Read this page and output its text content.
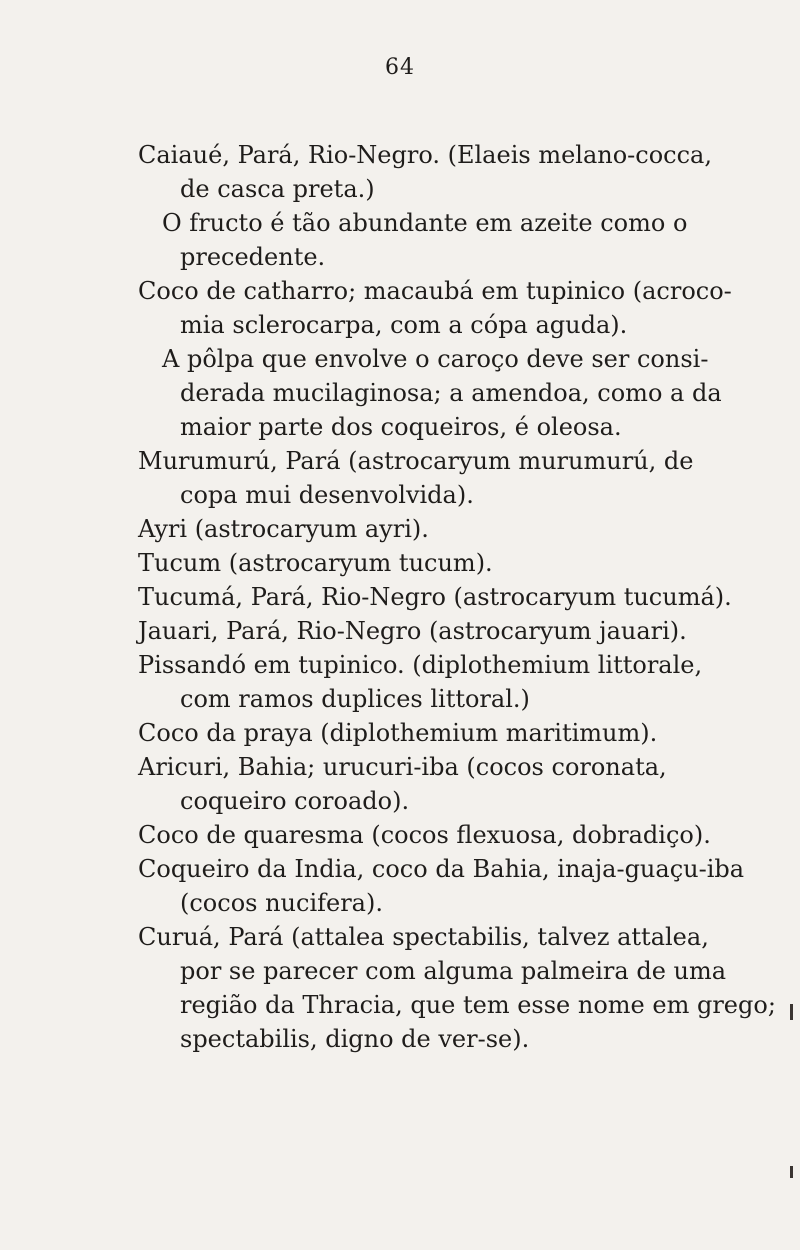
64
Caiaué, Pará, Rio-Negro. (Elaeis melano-cocca,
de casca preta.)
O fructo é tão abundante em azeite como o
precedente.
Coco de catharro; macaubá em tupinico (acroco-
mia sclerocarpa, com a cópa aguda).
A pôlpa que envolve o caroço deve ser consi-
derada mucilaginosa; a amendoa, como a da
maior parte dos coqueiros, é oleosa.
Murumurú, Pará (astrocaryum murumurú, de
copa mui desenvolvida).
Ayri (astrocaryum ayri).
Tucum (astrocaryum tucum).
Tucumá, Pará, Rio-Negro (astrocaryum tucumá).
Jauari, Pará, Rio-Negro (astrocaryum jauari).
Pissandó em tupinico. (diplothemium littorale,
com ramos duplices littoral.)
Coco da praya (diplothemium maritimum).
Aricuri, Bahia; urucuri-iba (cocos coronata,
coqueiro coroado).
Coco de quaresma (cocos flexuosa, dobradiço).
Coqueiro da India, coco da Bahia, inaja-guaçu-iba
(cocos nucifera).
Curuá, Pará (attalea spectabilis, talvez attalea,
por se parecer com alguma palmeira de uma
região da Thracia, que tem esse nome em grego;
spectabilis, digno de ver-se).
